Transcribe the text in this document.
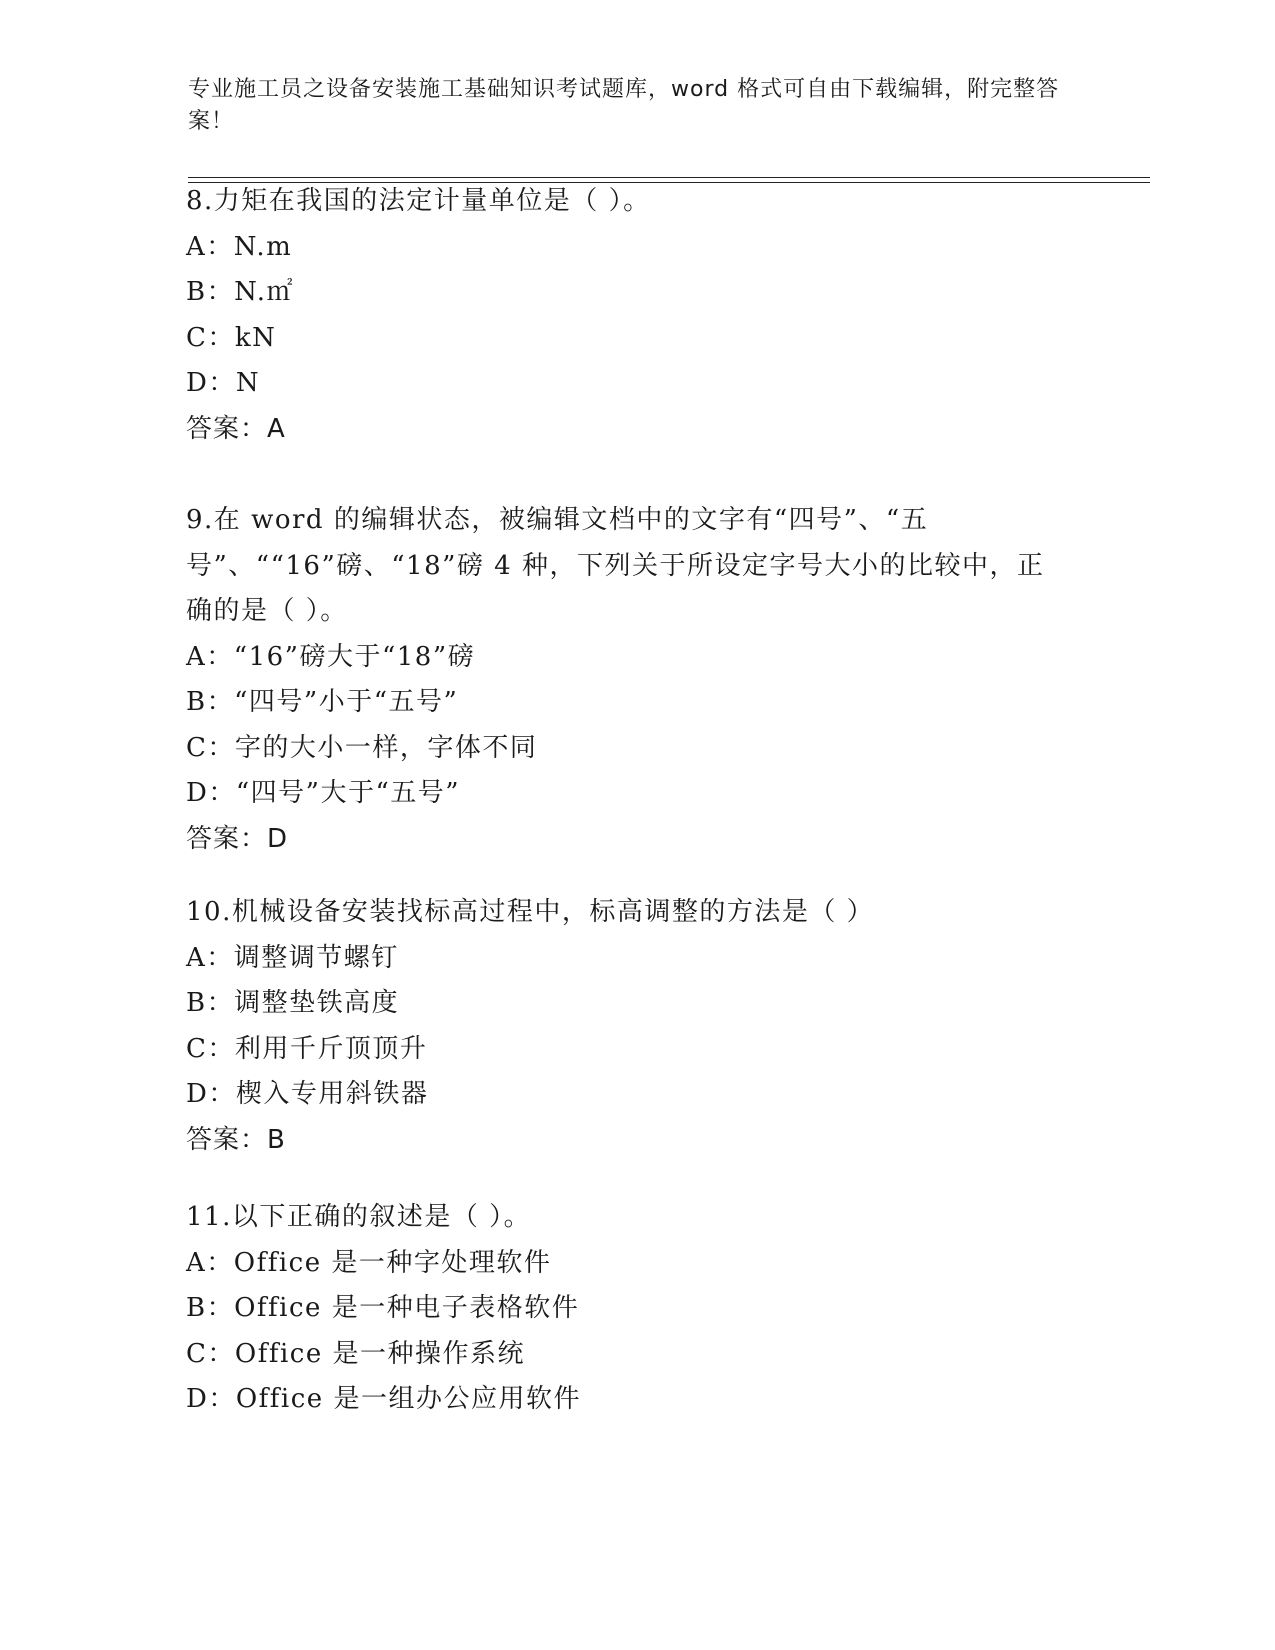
专业施工员之设备安装施工基础知识考试题库，word 格式可自由下载编辑，附完整答案！
8.力矩在我国的法定计量单位是（ ）。
A：N.m
B：N.㎡
C：kN
D：N
答案：A
9.在 word 的编辑状态，被编辑文档中的文字有“四号”、“五号”、““16”磅、“18”磅 4 种，下列关于所设定字号大小的比较中，正确的是（ ）。
A：“16”磅大于“18”磅
B：“四号”小于“五号”
C：字的大小一样，字体不同
D：“四号”大于“五号”
答案：D
10.机械设备安装找标高过程中，标高调整的方法是（ ）
A：调整调节螺钉
B：调整垫铁高度
C：利用千斤顶顶升
D：楔入专用斜铁器
答案：B
11.以下正确的叙述是（ ）。
A：Office 是一种字处理软件
B：Office 是一种电子表格软件
C：Office 是一种操作系统
D：Office 是一组办公应用软件
